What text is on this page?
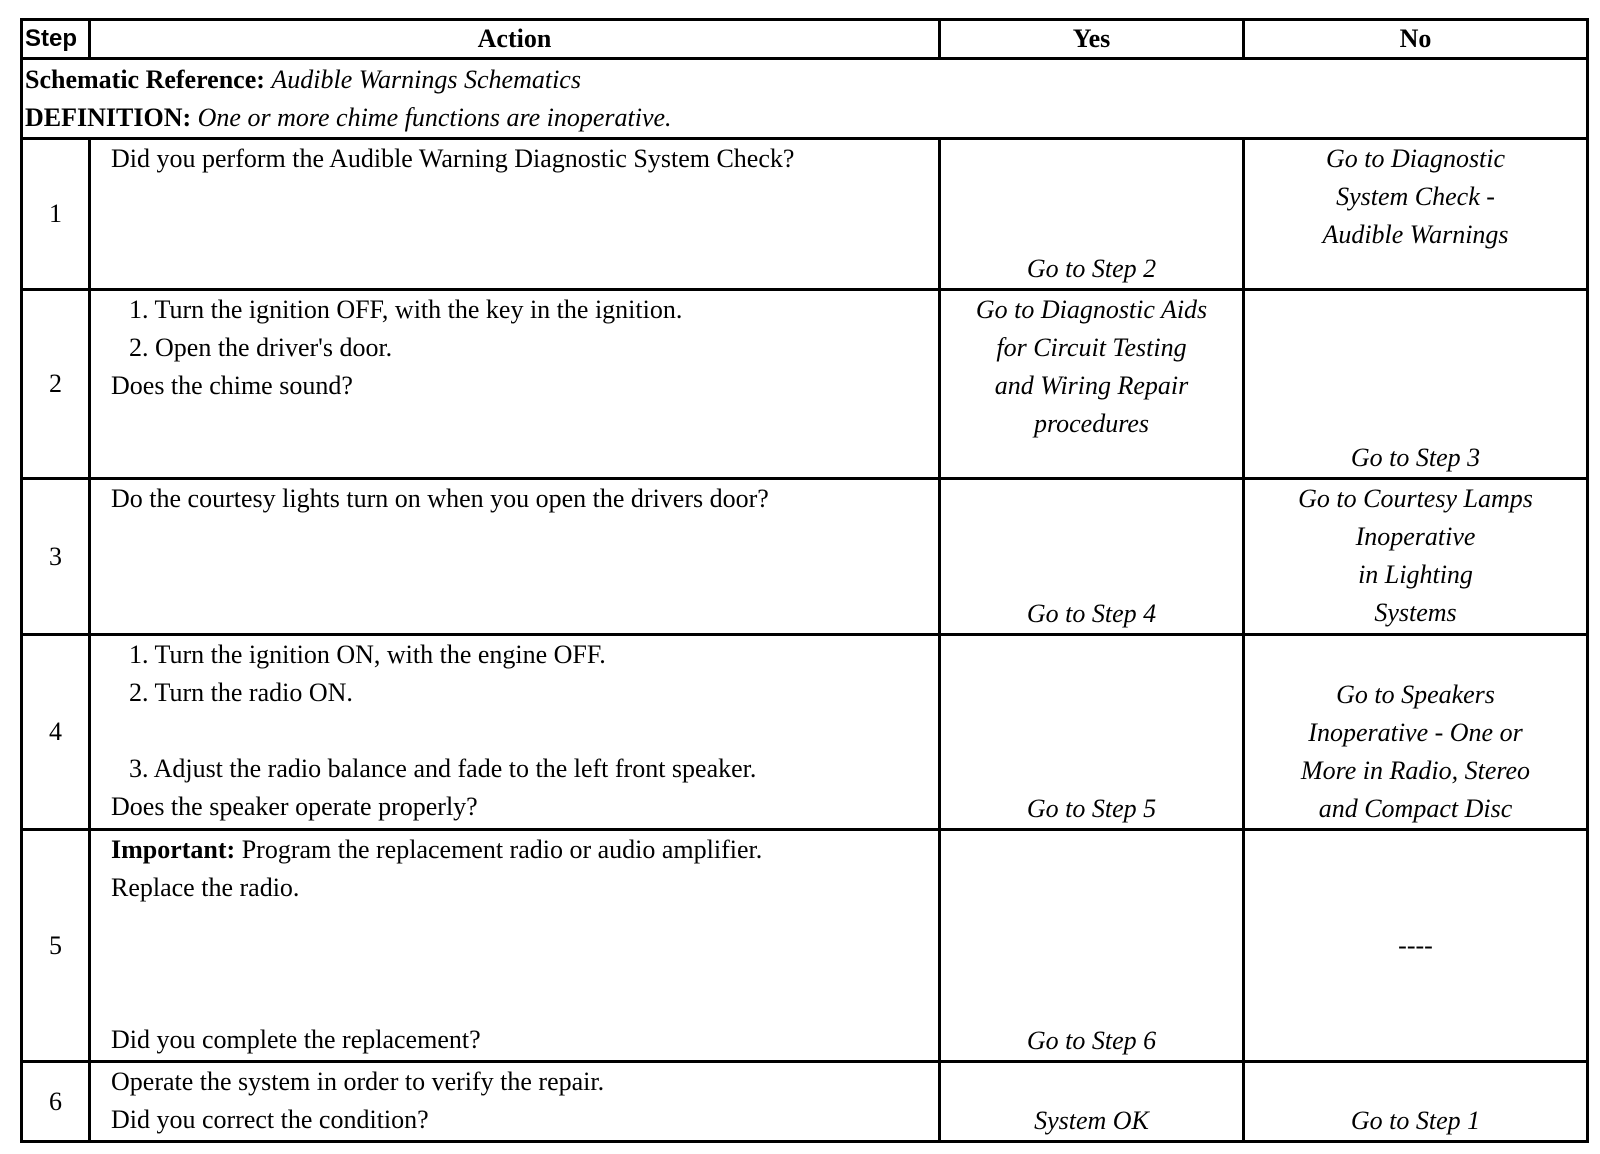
Step	Action	Yes	No

Schematic Reference: Audible Warnings Schematics
DEFINITION: One or more chime functions are inoperative.			

1	Did you perform the Audible Warning Diagnostic System Check?	Go to Step 2	Go to Diagnostic
System Check -
Audible Warnings

2	1. Turn the ignition OFF, with the key in the ignition.
2. Open the driver's door.
Does the chime sound?	Go to Diagnostic Aids
for Circuit Testing
and Wiring Repair
procedures	Go to Step 3
3	Do the courtesy lights turn on when you open the drivers door?	Go to Step 4	Go to Courtesy Lamps
Inoperative
in Lighting
Systems

4	1. Turn the ignition ON, with the engine OFF.
2. Turn the radio ON.
3. Adjust the radio balance and fade to the left front speaker.
Does the speaker operate properly?	Go to Step 5	Go to Speakers
Inoperative - One or
More in Radio, Stereo
and Compact Disc

5	Important: Program the replacement radio or audio amplifier.
Replace the radio.
Did you complete the replacement?	Go to Step 6	----
6	Operate the system in order to verify the repair.
Did you correct the condition?	System OK	Go to Step 1
